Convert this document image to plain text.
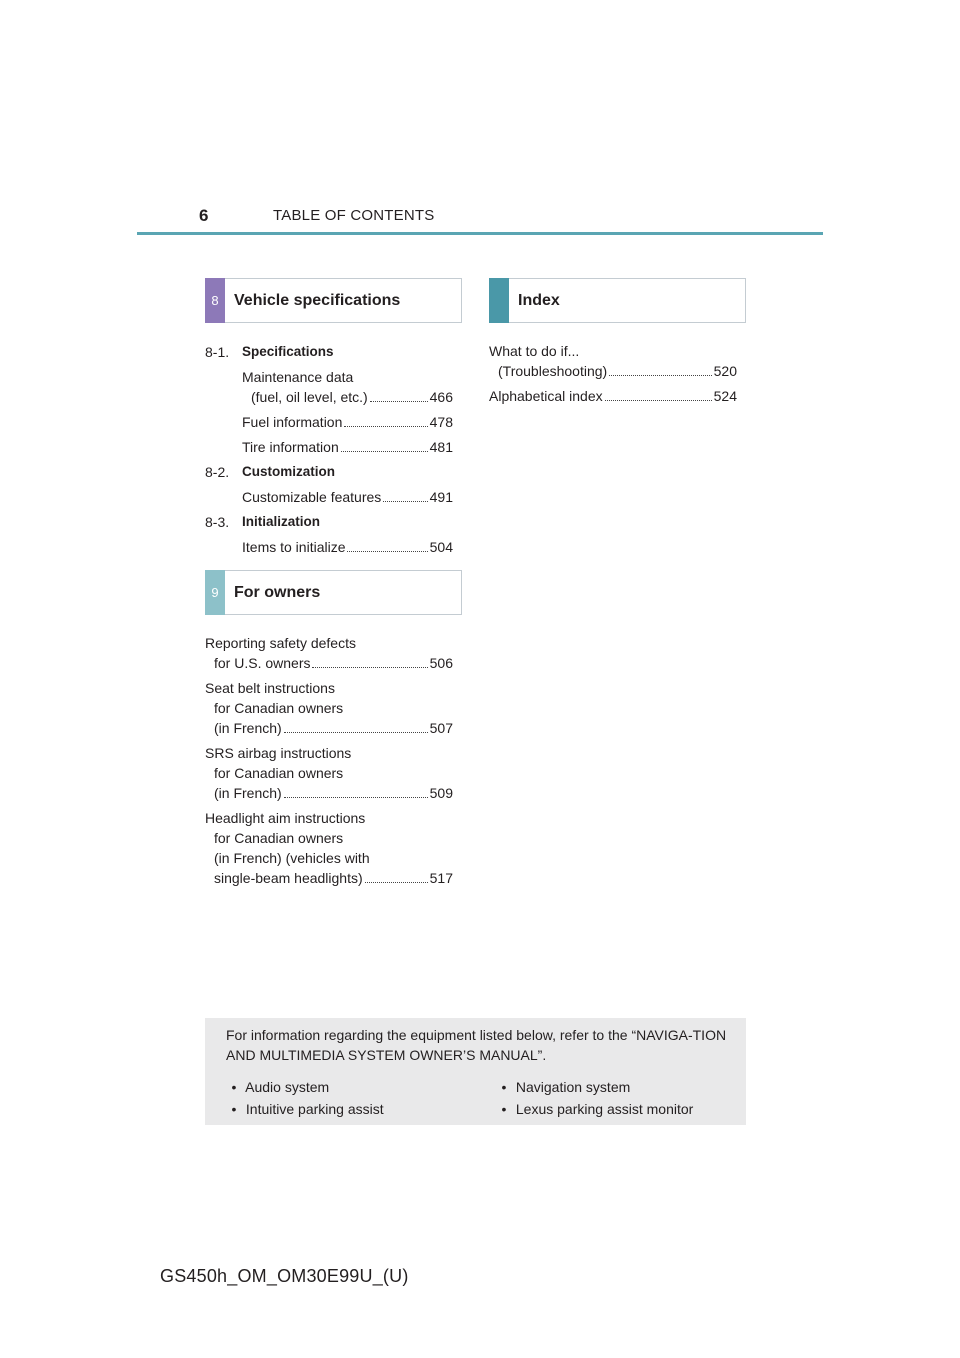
6	TABLE OF CONTENTS
8 Vehicle specifications
8-1. Specifications
Maintenance data
(fuel, oil level, etc.)	466
Fuel information	478
Tire information	481
8-2. Customization
Customizable features	491
8-3. Initialization
Items to initialize	504
9 For owners
Reporting safety defects
for U.S. owners	506
Seat belt instructions
for Canadian owners
(in French)	507
SRS airbag instructions
for Canadian owners
(in French)	509
Headlight aim instructions
for Canadian owners
(in French) (vehicles with
single-beam headlights)	517
Index
What to do if...
(Troubleshooting)	520
Alphabetical index	524
For information regarding the equipment listed below, refer to the “NAVIGA-TION AND MULTIMEDIA SYSTEM OWNER’S MANUAL”.
• Audio system
• Intuitive parking assist
• Navigation system
• Lexus parking assist monitor
GS450h_OM_OM30E99U_(U)
